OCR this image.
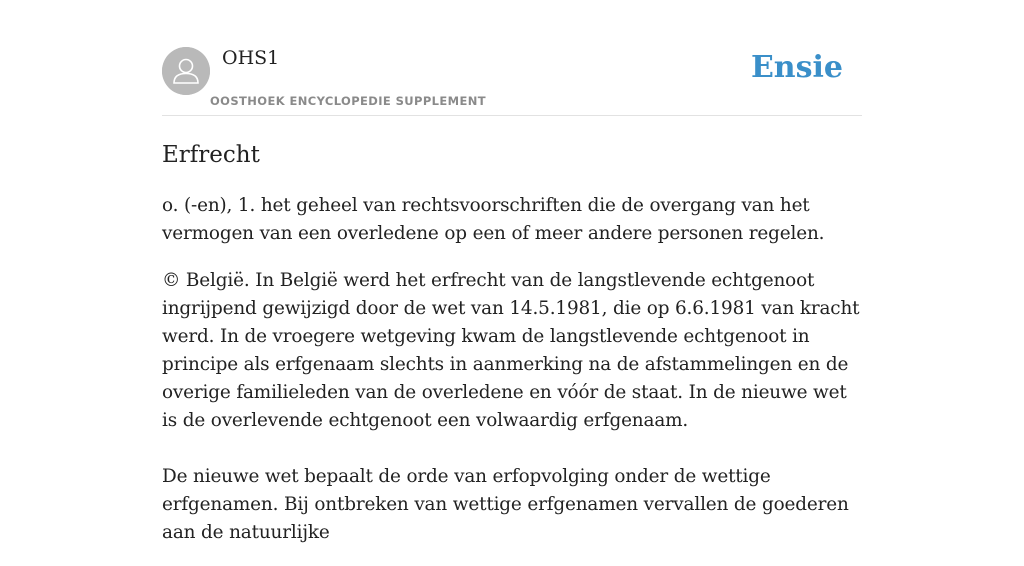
OHS1
OOSTHOEK ENCYCLOPEDIE SUPPLEMENT
Ensie
Erfrecht

o. (-en), 1. het geheel van rechtsvoorschriften die de overgang van het vermogen van een overledene op een of meer andere personen regelen.

© België. In België werd het erfrecht van de langstlevende echtgenoot ingrijpend gewijzigd door de wet van 14.5.1981, die op 6.6.1981 van kracht werd. In de vroegere wetgeving kwam de langstlevende echtgenoot in principe als erfgenaam slechts in aanmerking na de afstammelingen en de overige familieleden van de overledene en vóór de staat. In de nieuwe wet is de overlevende echtgenoot een volwaardig erfgenaam.

De nieuwe wet bepaalt de orde van erfopvolging onder de wettige erfgenamen. Bij ontbreken van wettige erfgenamen vervallen de goederen aan de natuurlijke
